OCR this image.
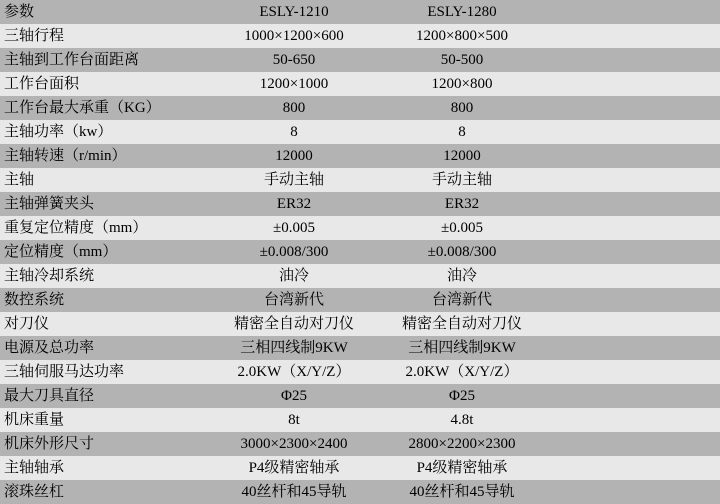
参数	ESLY-1210	ESLY-1280	
三轴行程	1000×1200×600	1200×800×500	
主轴到工作台面距离	50-650	50-500	
工作台面积	1200×1000	1200×800	
工作台最大承重（KG）	800	800	
主轴功率（kw）	8	8	
主轴转速（r/min）	12000	12000	
主轴	手动主轴	手动主轴	
主轴弹簧夹头	ER32	ER32	
重复定位精度（mm）	±0.005	±0.005	
定位精度（mm）	±0.008/300	±0.008/300	
主轴冷却系统	油冷	油冷	
数控系统	台湾新代	台湾新代	
对刀仪	精密全自动对刀仪	精密全自动对刀仪	
电源及总功率	三相四线制9KW	三相四线制9KW	
三轴伺服马达功率	2.0KW（X/Y/Z）	2.0KW（X/Y/Z）	
最大刀具直径	Φ25	Φ25	
机床重量	8t	4.8t	
机床外形尺寸	3000×2300×2400	2800×2200×2300	
主轴轴承	P4级精密轴承	P4级精密轴承	
滚珠丝杠	40丝杆和45导轨	40丝杆和45导轨	
